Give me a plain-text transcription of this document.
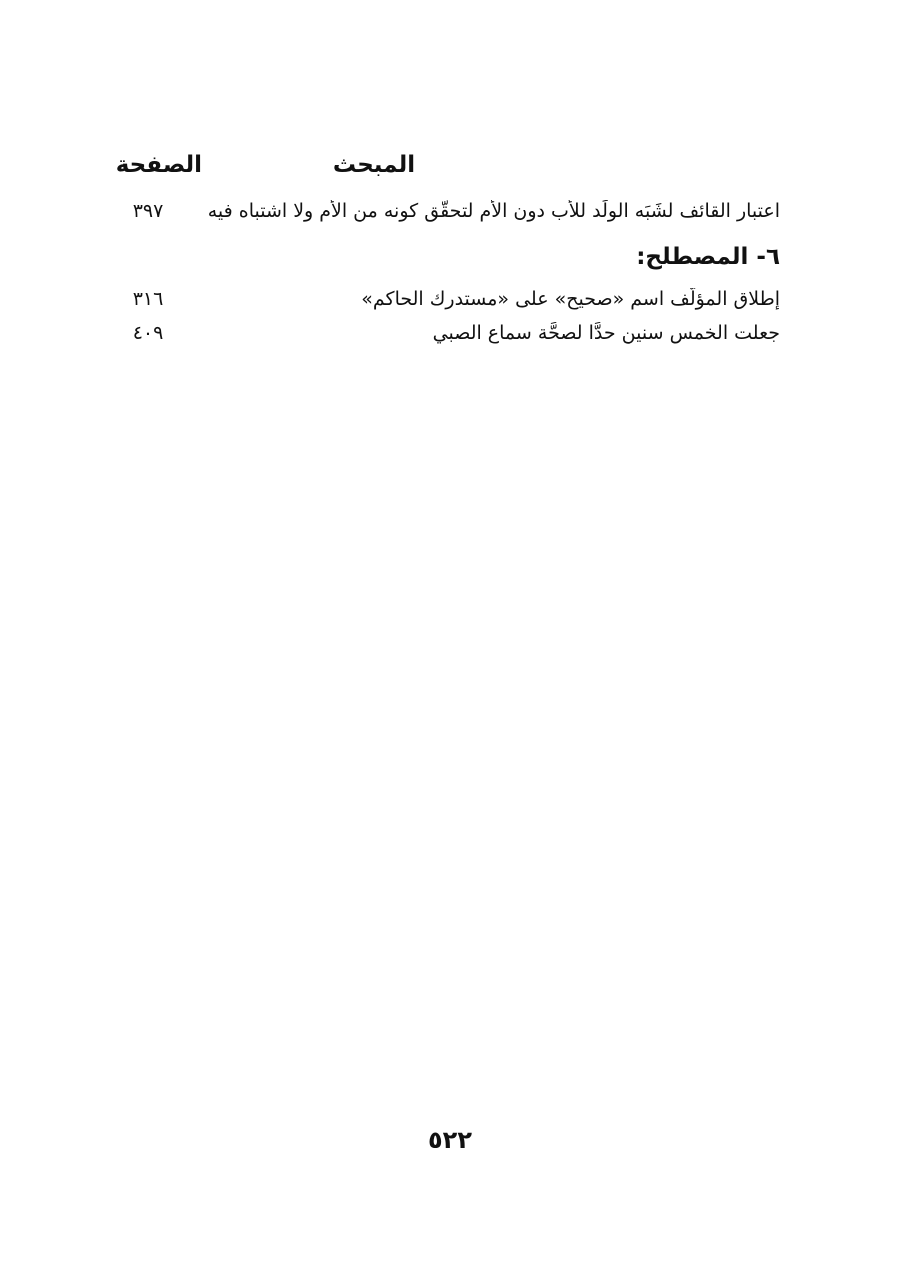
المبحث
الصفحة
اعتبار القائف لشَبَه الولَد للأب دون الأم لتحقّق كونه من الأم ولا اشتباه فيه
٣٩٧
٦- المصطلح:
إطلاق المؤلّف اسم «صحيح» على «مستدرك الحاكم»
٣١٦
جعلت الخمس سنين حدًّا لصحَّة سماع الصبي
٤٠٩
٥٢٢
